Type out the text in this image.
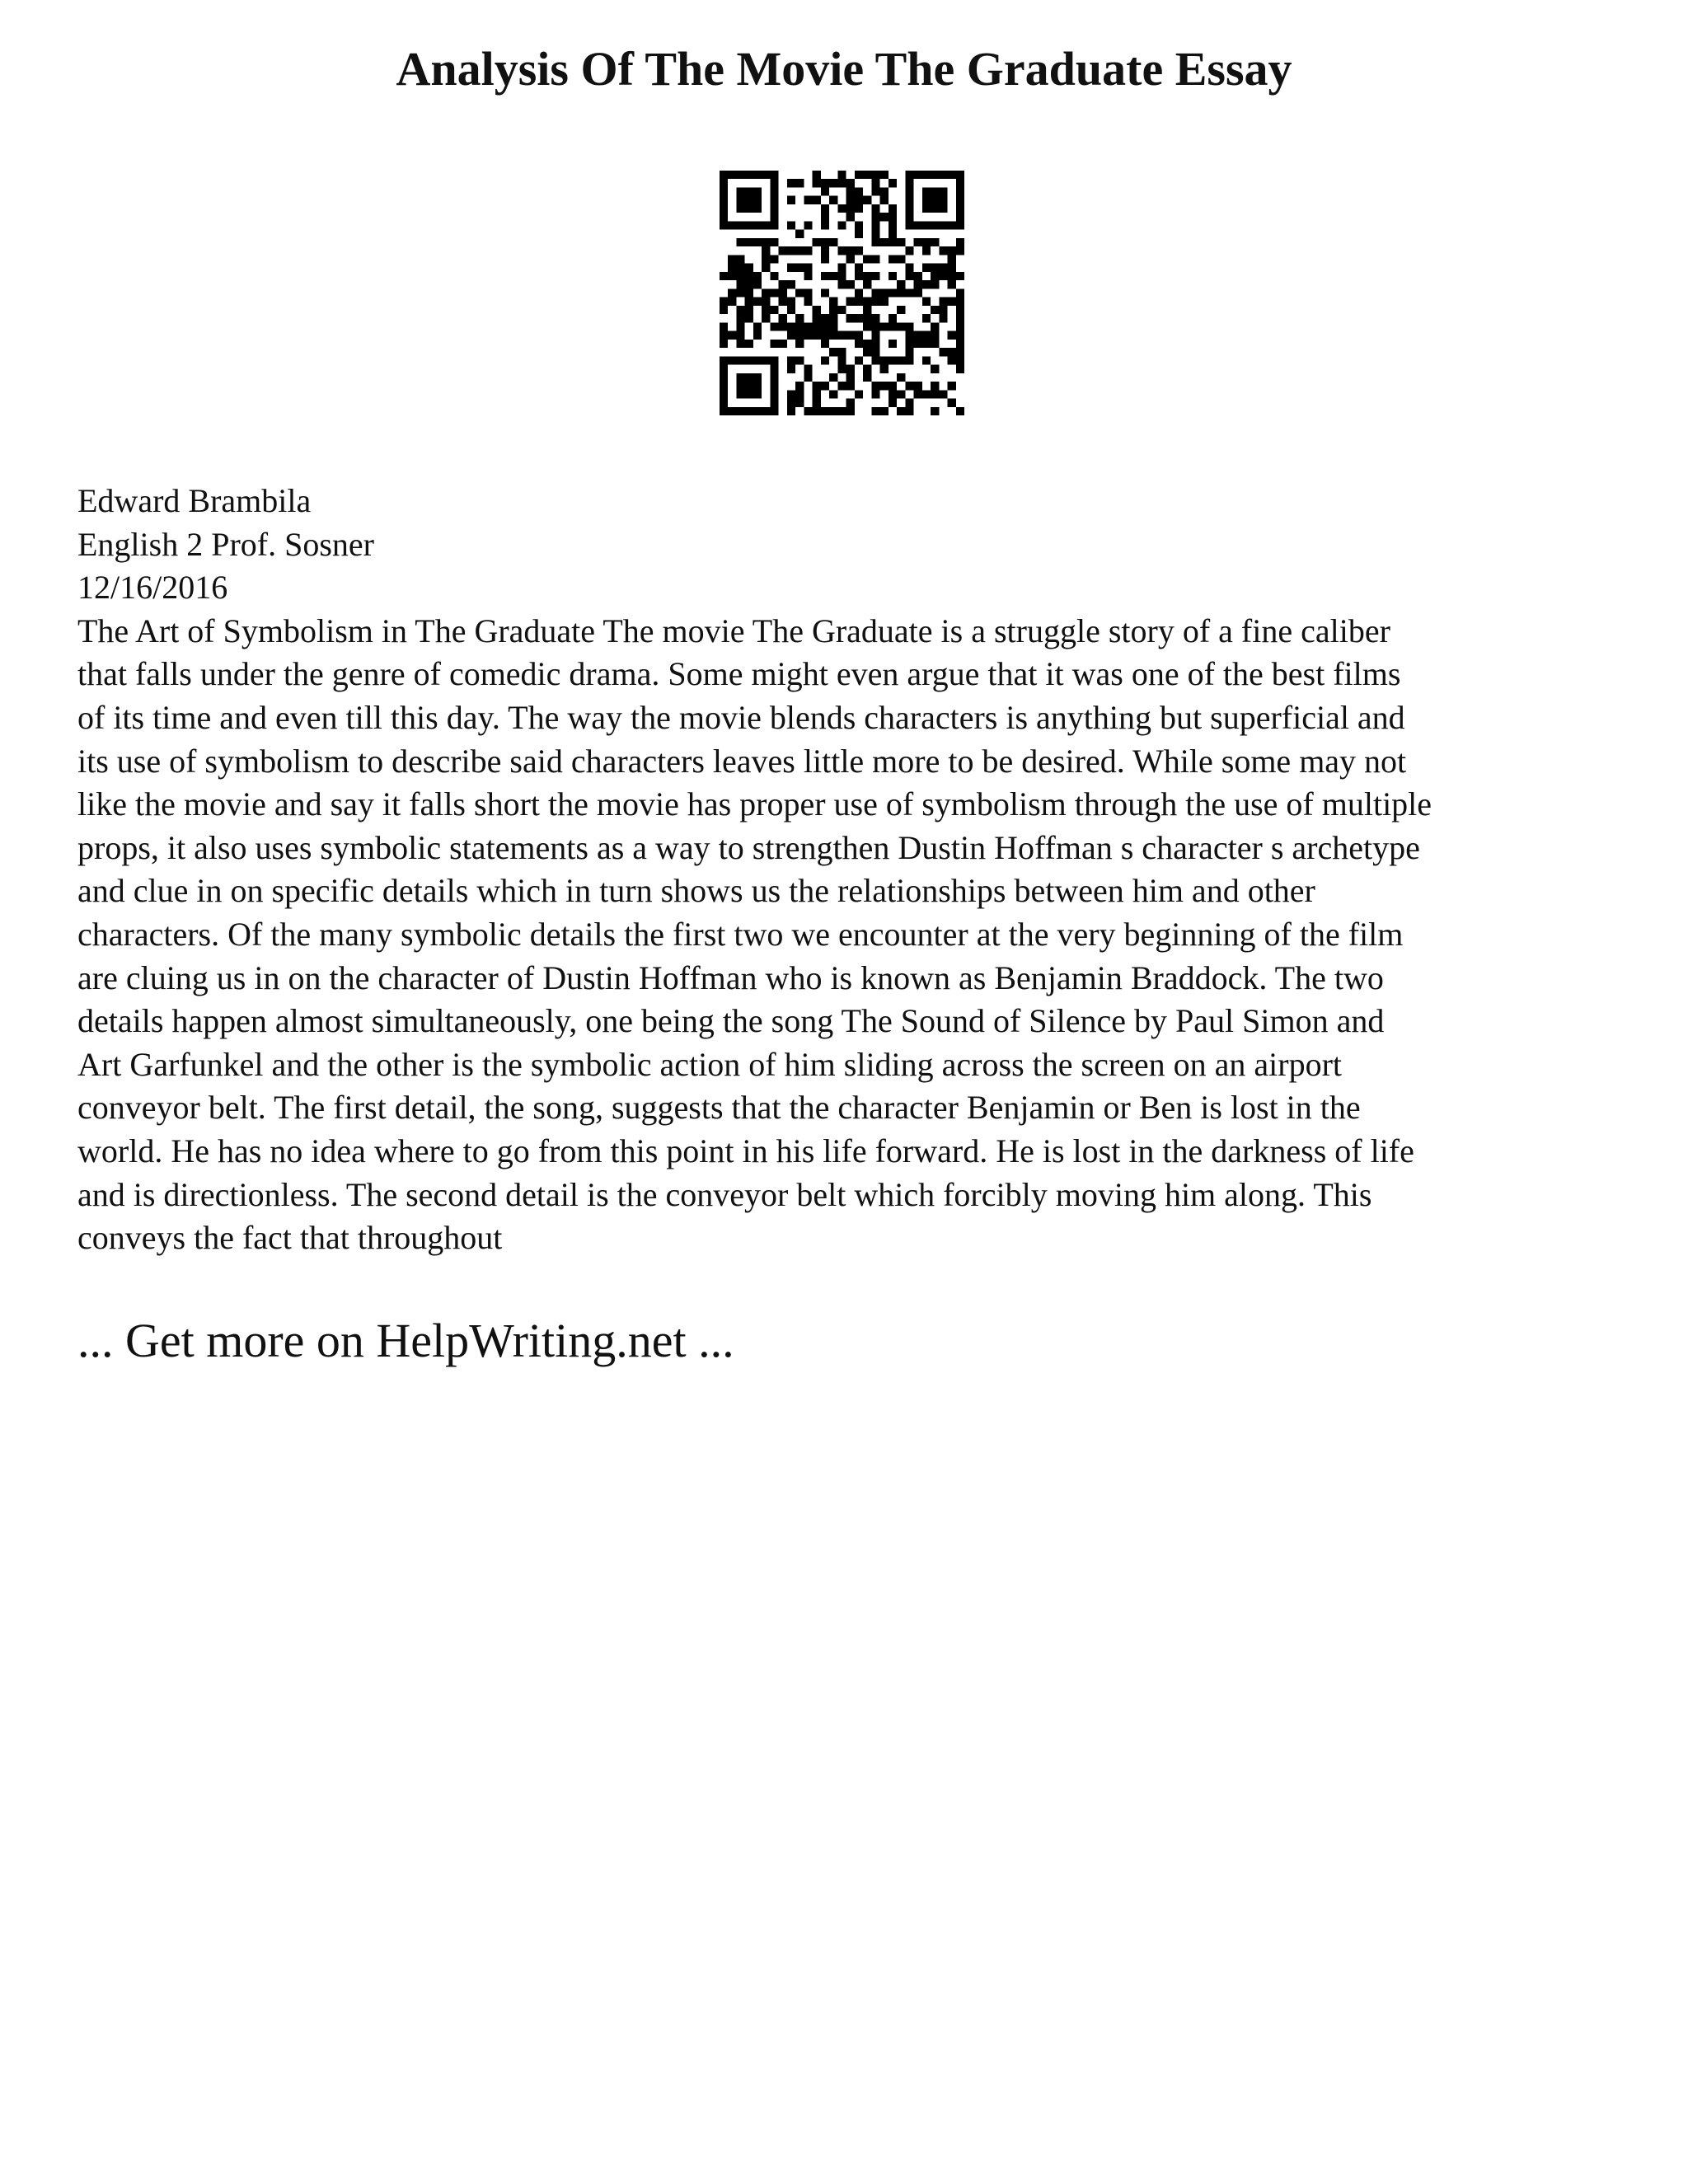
Analysis Of The Movie The Graduate Essay

Edward Brambila

English 2 Prof. Sosner

12/16/2016

The Art of Symbolism in The Graduate The movie The Graduate is a struggle story of a fine caliber

that falls under the genre of comedic drama. Some might even argue that it was one of the best films

of its time and even till this day. The way the movie blends characters is anything but superficial and

its use of symbolism to describe said characters leaves little more to be desired. While some may not

like the movie and say it falls short the movie has proper use of symbolism through the use of multiple

props, it also uses symbolic statements as a way to strengthen Dustin Hoffman s character s archetype

and clue in on specific details which in turn shows us the relationships between him and other

characters. Of the many symbolic details the first two we encounter at the very beginning of the film

are cluing us in on the character of Dustin Hoffman who is known as Benjamin Braddock. The two

details happen almost simultaneously, one being the song The Sound of Silence by Paul Simon and

Art Garfunkel and the other is the symbolic action of him sliding across the screen on an airport

conveyor belt. The first detail, the song, suggests that the character Benjamin or Ben is lost in the

world. He has no idea where to go from this point in his life forward. He is lost in the darkness of life

and is directionless. The second detail is the conveyor belt which forcibly moving him along. This

conveys the fact that throughout

... Get more on HelpWriting.net ...
